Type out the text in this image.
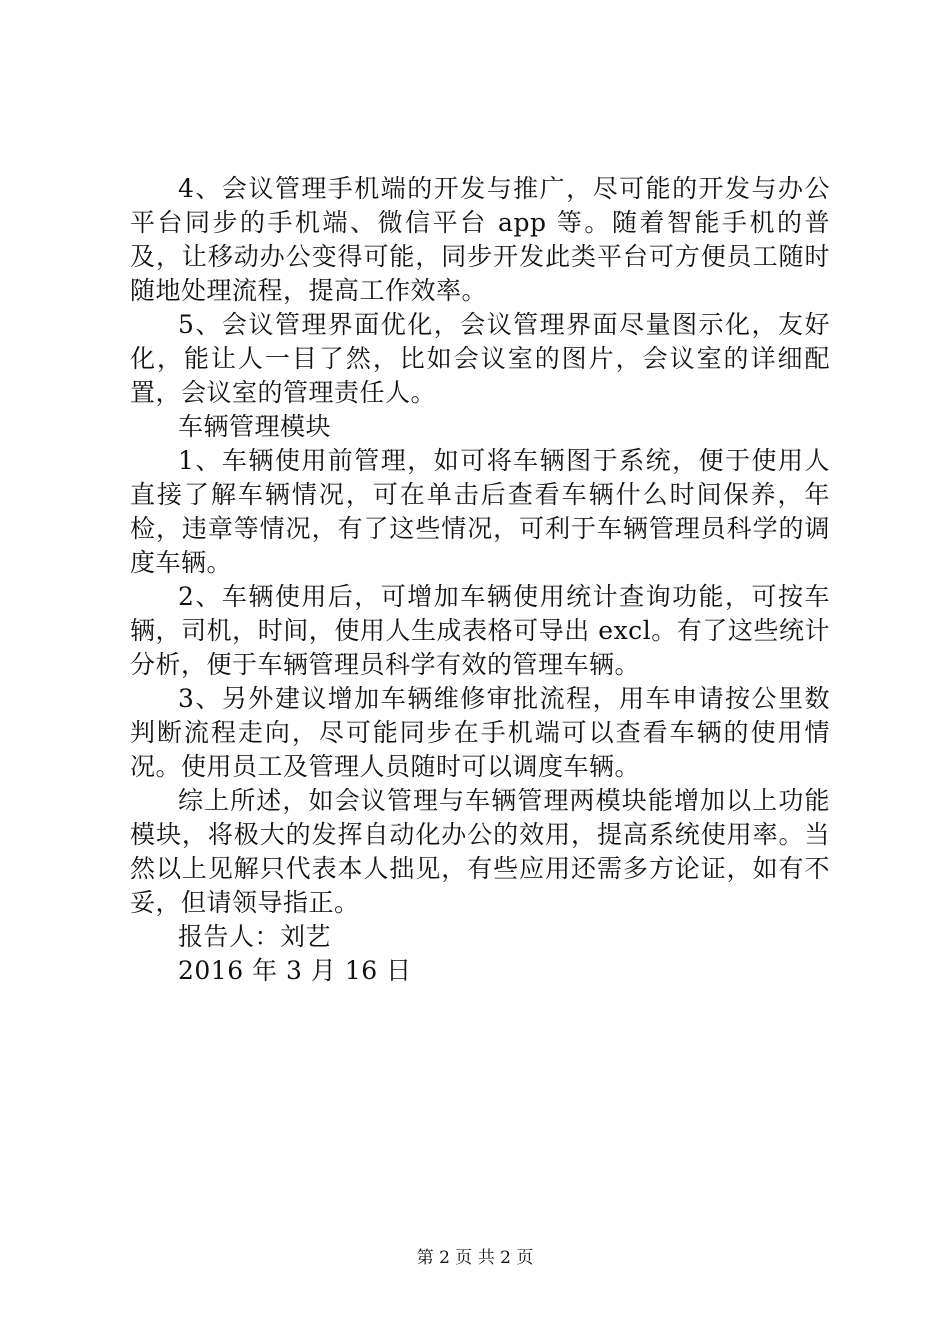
4、会议管理手机端的开发与推广，尽可能的开发与办公平台同步的手机端、微信平台 app 等。随着智能手机的普及，让移动办公变得可能，同步开发此类平台可方便员工随时随地处理流程，提高工作效率。

5、会议管理界面优化，会议管理界面尽量图示化，友好化，能让人一目了然，比如会议室的图片，会议室的详细配置，会议室的管理责任人。

车辆管理模块

1、车辆使用前管理，如可将车辆图于系统，便于使用人直接了解车辆情况，可在单击后查看车辆什么时间保养，年检，违章等情况，有了这些情况，可利于车辆管理员科学的调度车辆。

2、车辆使用后，可增加车辆使用统计查询功能，可按车辆，司机，时间，使用人生成表格可导出 excl。有了这些统计分析，便于车辆管理员科学有效的管理车辆。

3、另外建议增加车辆维修审批流程，用车申请按公里数判断流程走向，尽可能同步在手机端可以查看车辆的使用情况。使用员工及管理人员随时可以调度车辆。

综上所述，如会议管理与车辆管理两模块能增加以上功能模块，将极大的发挥自动化办公的效用，提高系统使用率。当然以上见解只代表本人拙见，有些应用还需多方论证，如有不妥，但请领导指正。

报告人：刘艺

2016 年 3 月 16 日

第 2 页 共 2 页
